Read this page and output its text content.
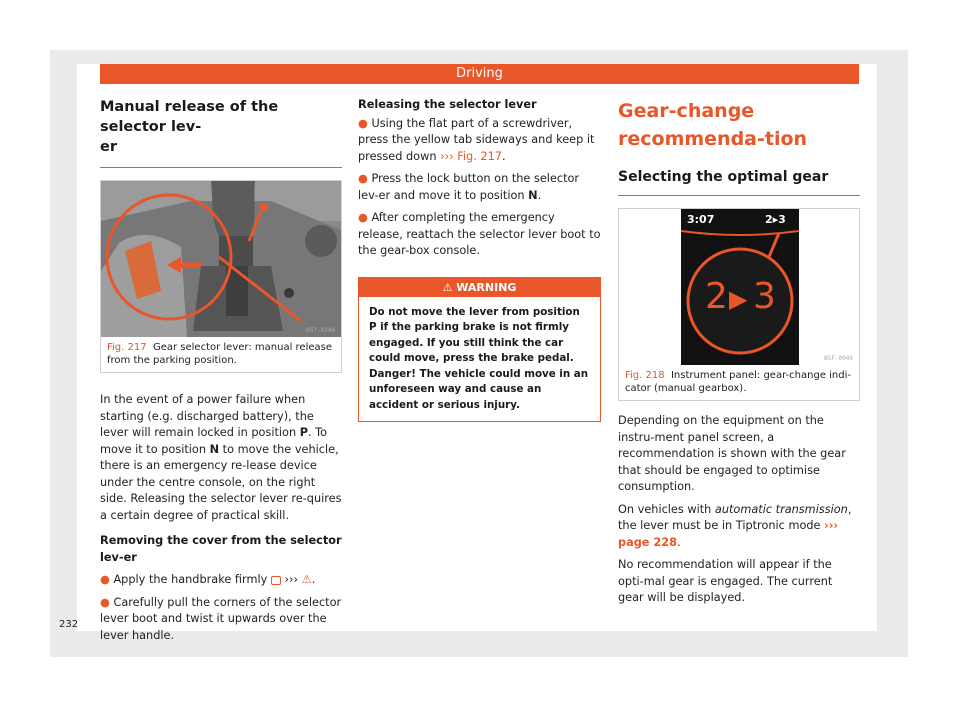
Driving
Manual release of the selector lev-
er
B57-0249
Fig. 217 Gear selector lever: manual release from the parking position.

In the event of a power failure when starting (e.g. discharged battery), the lever will remain locked in position P. To move it to position N to move the vehicle, there is an emergency re-lease device under the centre console, on the right side. Releasing the selector lever re-quires a certain degree of practical skill.

Removing the cover from the selector lev-er

● Apply the handbrake firmly ››› ⚠.

● Carefully pull the corners of the selector lever boot and twist it upwards over the lever handle.

Releasing the selector lever

● Using the flat part of a screwdriver, press the yellow tab sideways and keep it pressed down ››› Fig. 217.

● Press the lock button on the selector lev-er and move it to position N.

● After completing the emergency release, reattach the selector lever boot to the gear-box console.

⚠ WARNING
Do not move the lever from position P if the parking brake is not firmly engaged. If you still think the car could move, press the brake pedal. Danger! The vehicle could move in an unforeseen way and cause an accident or serious injury.
Gear-change recommenda-tion
Selecting the optimal gear
3:07	2▸3
2 ▶ 3
B5F-0949
Fig. 218 Instrument panel: gear-change indi-cator (manual gearbox).

Depending on the equipment on the instru-ment panel screen, a recommendation is shown with the gear that should be engaged to optimise consumption.

On vehicles with automatic transmission, the lever must be in Tiptronic mode ››› page 228.

No recommendation will appear if the opti-mal gear is engaged. The current gear will be displayed.

232
